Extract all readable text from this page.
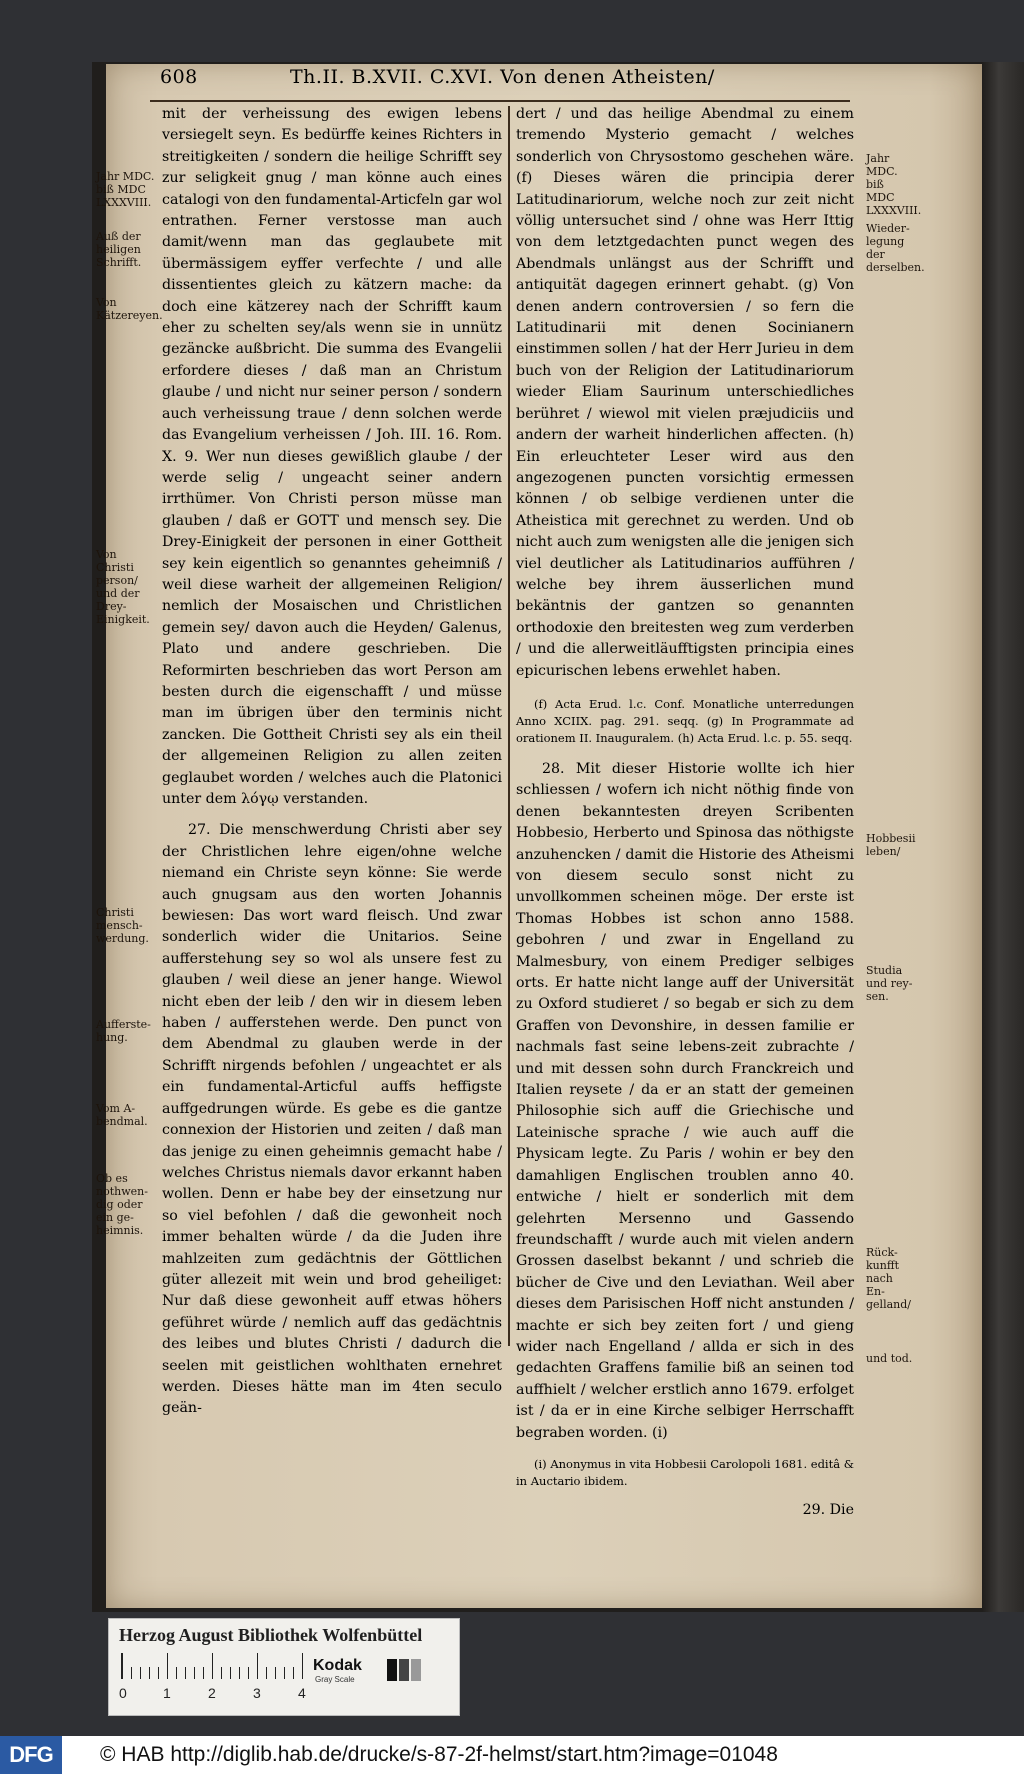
608	Th.II. B.XVII. C.XVI. Von denen Atheisten/

mit der verheissung des ewigen lebens versiegelt seyn. Es bedürffe keines Richters in streitigkeiten / sondern die heilige Schrifft sey zur seligkeit gnug / man könne auch eines catalogi von den fundamental-Articfeln gar wol entrathen. Ferner verstosse man auch damit/wenn man das geglaubete mit übermässigem eyffer verfechte / und alle dissentientes gleich zu kätzern mache: da doch eine kätzerey nach der Schrifft kaum eher zu schelten sey/als wenn sie in unnütz gezäncke außbricht. Die summa des Evangelii erfordere dieses / daß man an Christum glaube / und nicht nur seiner person / sondern auch verheissung traue / denn solchen werde das Evangelium verheissen / Joh. III. 16. Rom. X. 9. Wer nun dieses gewißlich glaube / der werde selig / ungeacht seiner andern irrthümer. Von Christi person müsse man glauben / daß er GOTT und mensch sey. Die Drey-Einigkeit der personen in einer Gottheit sey kein eigentlich so genanntes geheimniß / weil diese warheit der allgemeinen Religion/ nemlich der Mosaischen und Christlichen gemein sey/ davon auch die Heyden/ Galenus, Plato und andere geschrieben. Die Reformirten beschrieben das wort Person am besten durch die eigenschafft / und müsse man im übrigen über den terminis nicht zancken. Die Gottheit Christi sey als ein theil der allgemeinen Religion zu allen zeiten geglaubet worden / welches auch die Platonici unter dem λόγῳ verstanden.

27. Die menschwerdung Christi aber sey der Christlichen lehre eigen/ohne welche niemand ein Christe seyn könne: Sie werde auch gnugsam aus den worten Johannis bewiesen: Das wort ward fleisch. Und zwar sonderlich wider die Unitarios. Seine aufferstehung sey so wol als unsere fest zu glauben / weil diese an jener hange. Wiewol nicht eben der leib / den wir in diesem leben haben / aufferstehen werde. Den punct von dem Abendmal zu glauben werde in der Schrifft nirgends befohlen / ungeachtet er als ein fundamental-Articful auffs heffigste auffgedrungen würde. Es gebe es die gantze connexion der Historien und zeiten / daß man das jenige zu einen geheimnis gemacht habe / welches Christus niemals davor erkannt haben wollen. Denn er habe bey der einsetzung nur so viel befohlen / daß die gewonheit noch immer behalten würde / da die Juden ihre mahlzeiten zum gedächtnis der Göttlichen güter allezeit mit wein und brod geheiliget: Nur daß diese gewonheit auff etwas höhers geführet würde / nemlich auff das gedächtnis des leibes und blutes Christi / dadurch die seelen mit geistlichen wohlthaten ernehret werden. Dieses hätte man im 4ten seculo geän-

dert / und das heilige Abendmal zu einem tremendo Mysterio gemacht / welches sonderlich von Chrysostomo geschehen wäre. (f) Dieses wären die principia derer Latitudinariorum, welche noch zur zeit nicht völlig untersuchet sind / ohne was Herr Ittig von dem letztgedachten punct wegen des Abendmals unlängst aus der Schrifft und antiquität dagegen erinnert gehabt. (g) Von denen andern controversien / so fern die Latitudinarii mit denen Socinianern einstimmen sollen / hat der Herr Jurieu in dem buch von der Religion der Latitudinariorum wieder Eliam Saurinum unterschiedliches berühret / wiewol mit vielen præjudiciis und andern der warheit hinderlichen affecten. (h) Ein erleuchteter Leser wird aus den angezogenen puncten vorsichtig ermessen können / ob selbige verdienen unter die Atheistica mit gerechnet zu werden. Und ob nicht auch zum wenigsten alle die jenigen sich viel deutlicher als Latitudinarios aufführen / welche bey ihrem äusserlichen mund bekäntnis der gantzen so genannten orthodoxie den breitesten weg zum verderben / und die allerweitläufftigsten principia eines epicurischen lebens erwehlet haben.

(f) Acta Erud. l.c. Conf. Monatliche unterredungen Anno XCIIX. pag. 291. seqq. (g) In Programmate ad orationem II. Inauguralem. (h) Acta Erud. l.c. p. 55. seqq.

28. Mit dieser Historie wollte ich hier schliessen / wofern ich nicht nöthig finde von denen bekanntesten dreyen Scribenten Hobbesio, Herberto und Spinosa das nöthigste anzuhencken / damit die Historie des Atheismi von diesem seculo sonst nicht zu unvollkommen scheinen möge. Der erste ist Thomas Hobbes ist schon anno 1588. gebohren / und zwar in Engelland zu Malmesbury, von einem Prediger selbiges orts. Er hatte nicht lange auff der Universität zu Oxford studieret / so begab er sich zu dem Graffen von Devonshire, in dessen familie er nachmals fast seine lebens-zeit zubrachte / und mit dessen sohn durch Franckreich und Italien reysete / da er an statt der gemeinen Philosophie sich auff die Griechische und Lateinische sprache / wie auch auff die Physicam legte. Zu Paris / wohin er bey den damahligen Englischen troublen anno 40. entwiche / hielt er sonderlich mit dem gelehrten Mersenno und Gassendo freundschafft / wurde auch mit vielen andern Grossen daselbst bekannt / und schrieb die bücher de Cive und den Leviathan. Weil aber dieses dem Parisischen Hoff nicht anstunden / machte er sich bey zeiten fort / und gieng wider nach Engelland / allda er sich in des gedachten Graffens familie biß an seinen tod auffhielt / welcher erstlich anno 1679. erfolget ist / da er in eine Kirche selbiger Herrschafft begraben worden. (i)

(i) Anonymus in vita Hobbesii Carolopoli 1681. editâ & in Auctario ibidem.

29. Die

Jahr MDC. biß MDC LXXXVIII.
Auß der heiligen Schrifft.
Von Kätzereyen.
Von Christi person/ und der Drey-Einigkeit.
Christi mensch-werdung.
Aufferste-hung.
Vom A-bendmal.
Ob es nothwen-dig oder ein ge-heimnis.
Jahr MDC. biß MDC LXXXVIII.
Wieder-legung der derselben.
Hobbesii leben/
Studia und rey-sen.
Rück-kunfft nach En-gelland/
und tod.
Herzog August Bibliothek Wolfenbüttel
0	1	2	3	4
Kodak
Gray Scale
DFG	© HAB http://diglib.hab.de/drucke/s-87-2f-helmst/start.htm?image=01048
